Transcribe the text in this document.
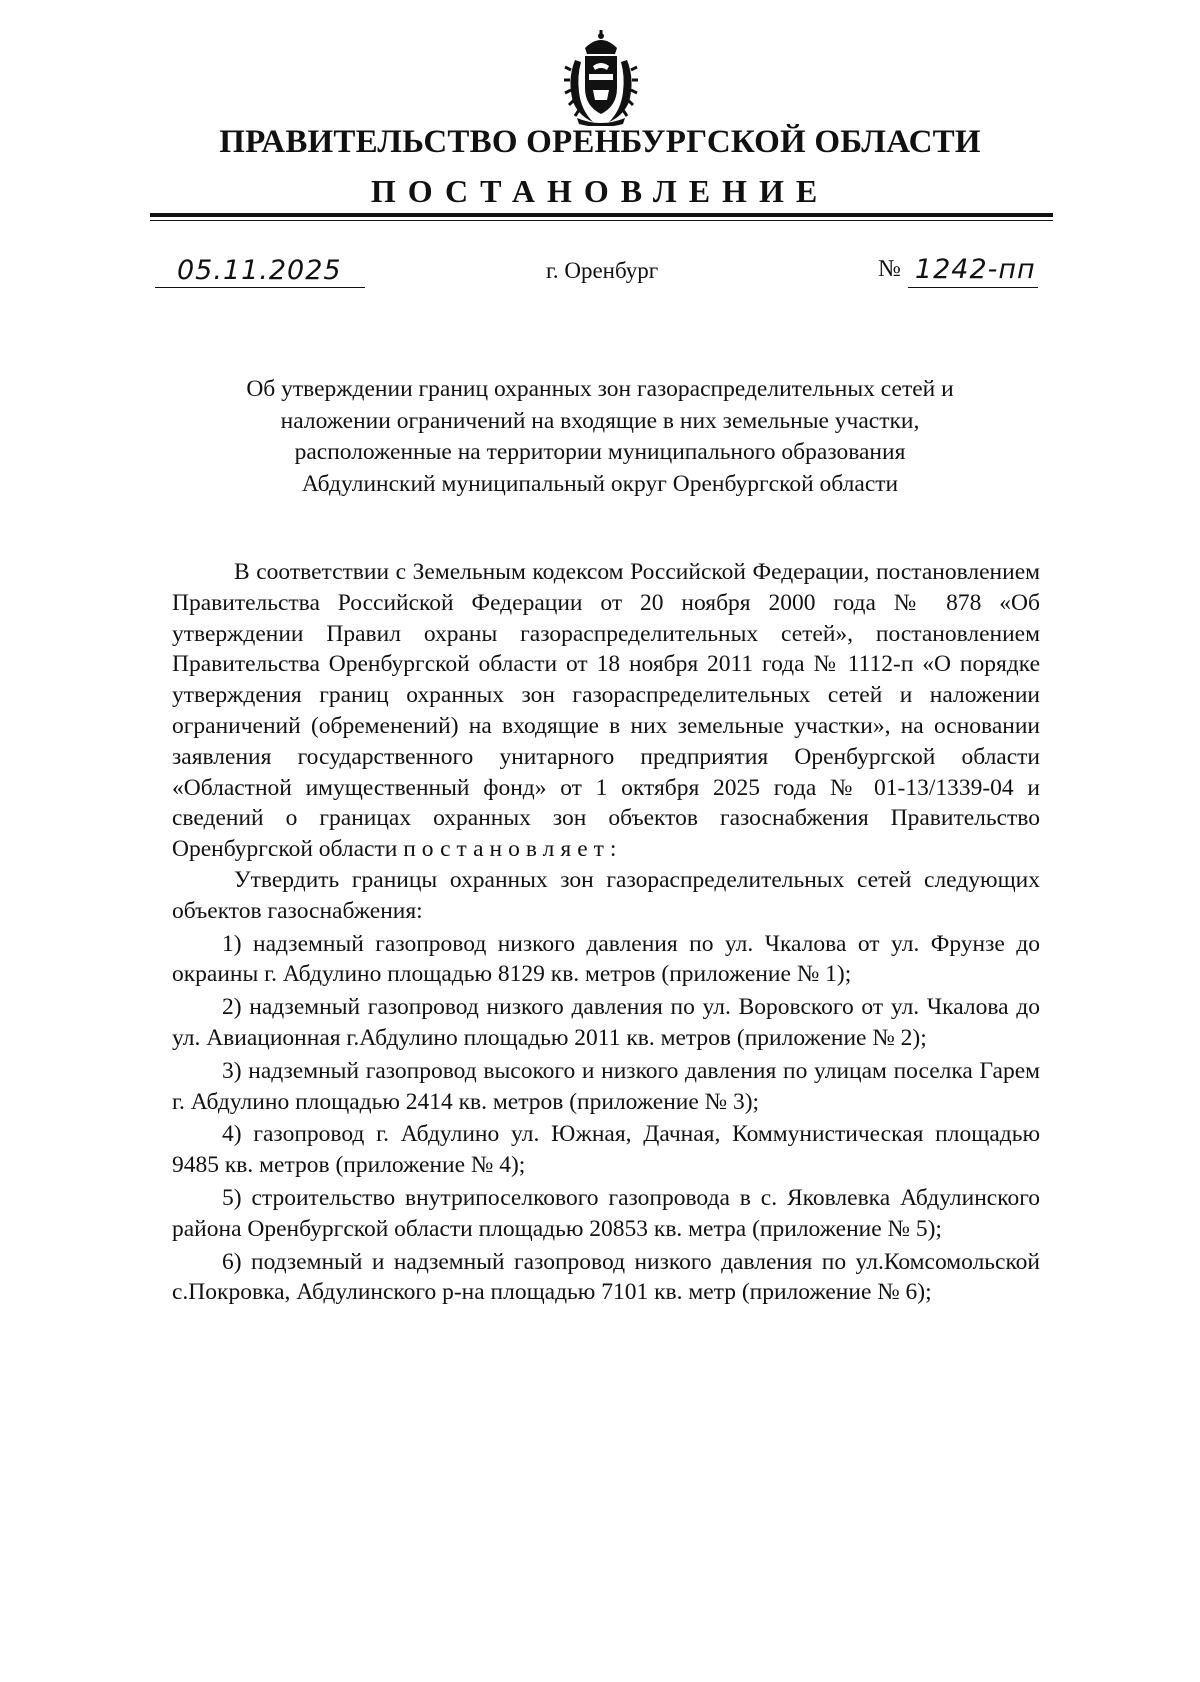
ПРАВИТЕЛЬСТВО ОРЕНБУРГСКОЙ ОБЛАСТИ
ПОСТАНОВЛЕНИЕ
05.11.2025	г. Оренбург	№ 1242-пп
Об утверждении границ охранных зон газораспределительных сетей и
наложении ограничений на входящие в них земельные участки,
расположенные на территории муниципального образования
Абдулинский муниципальный округ Оренбургской области

В соответствии с Земельным кодексом Российской Федерации, постановлением Правительства Российской Федерации от 20 ноября 2000 года № 878 «Об утверждении Правил охраны газораспределительных сетей», постановлением Правительства Оренбургской области от 18 ноября 2011 года № 1112-п «О порядке утверждения границ охранных зон газораспределительных сетей и наложении ограничений (обременений) на входящие в них земельные участки», на основании заявления государственного унитарного предприятия Оренбургской области «Областной имущественный фонд» от 1 октября 2025 года № 01-13/1339-04 и сведений о границах охранных зон объектов газоснабжения Правительство Оренбургской области постановляет:

Утвердить границы охранных зон газораспределительных сетей следующих объектов газоснабжения:

1) надземный газопровод низкого давления по ул. Чкалова от ул. Фрунзе до окраины г. Абдулино площадью 8129 кв. метров (приложение № 1);

2) надземный газопровод низкого давления по ул. Воровского от ул. Чкалова до ул. Авиационная г.Абдулино площадью 2011 кв. метров (приложение № 2);

3) надземный газопровод высокого и низкого давления по улицам поселка Гарем г. Абдулино площадью 2414 кв. метров (приложение № 3);

4) газопровод г. Абдулино ул. Южная, Дачная, Коммунистическая площадью 9485 кв. метров (приложение № 4);

5) строительство внутрипоселкового газопровода в с. Яковлевка Абдулинского района Оренбургской области площадью 20853 кв. метра (приложение № 5);

6) подземный и надземный газопровод низкого давления по ул.Комсомольской с.Покровка, Абдулинского р-на площадью 7101 кв. метр (приложение № 6);
